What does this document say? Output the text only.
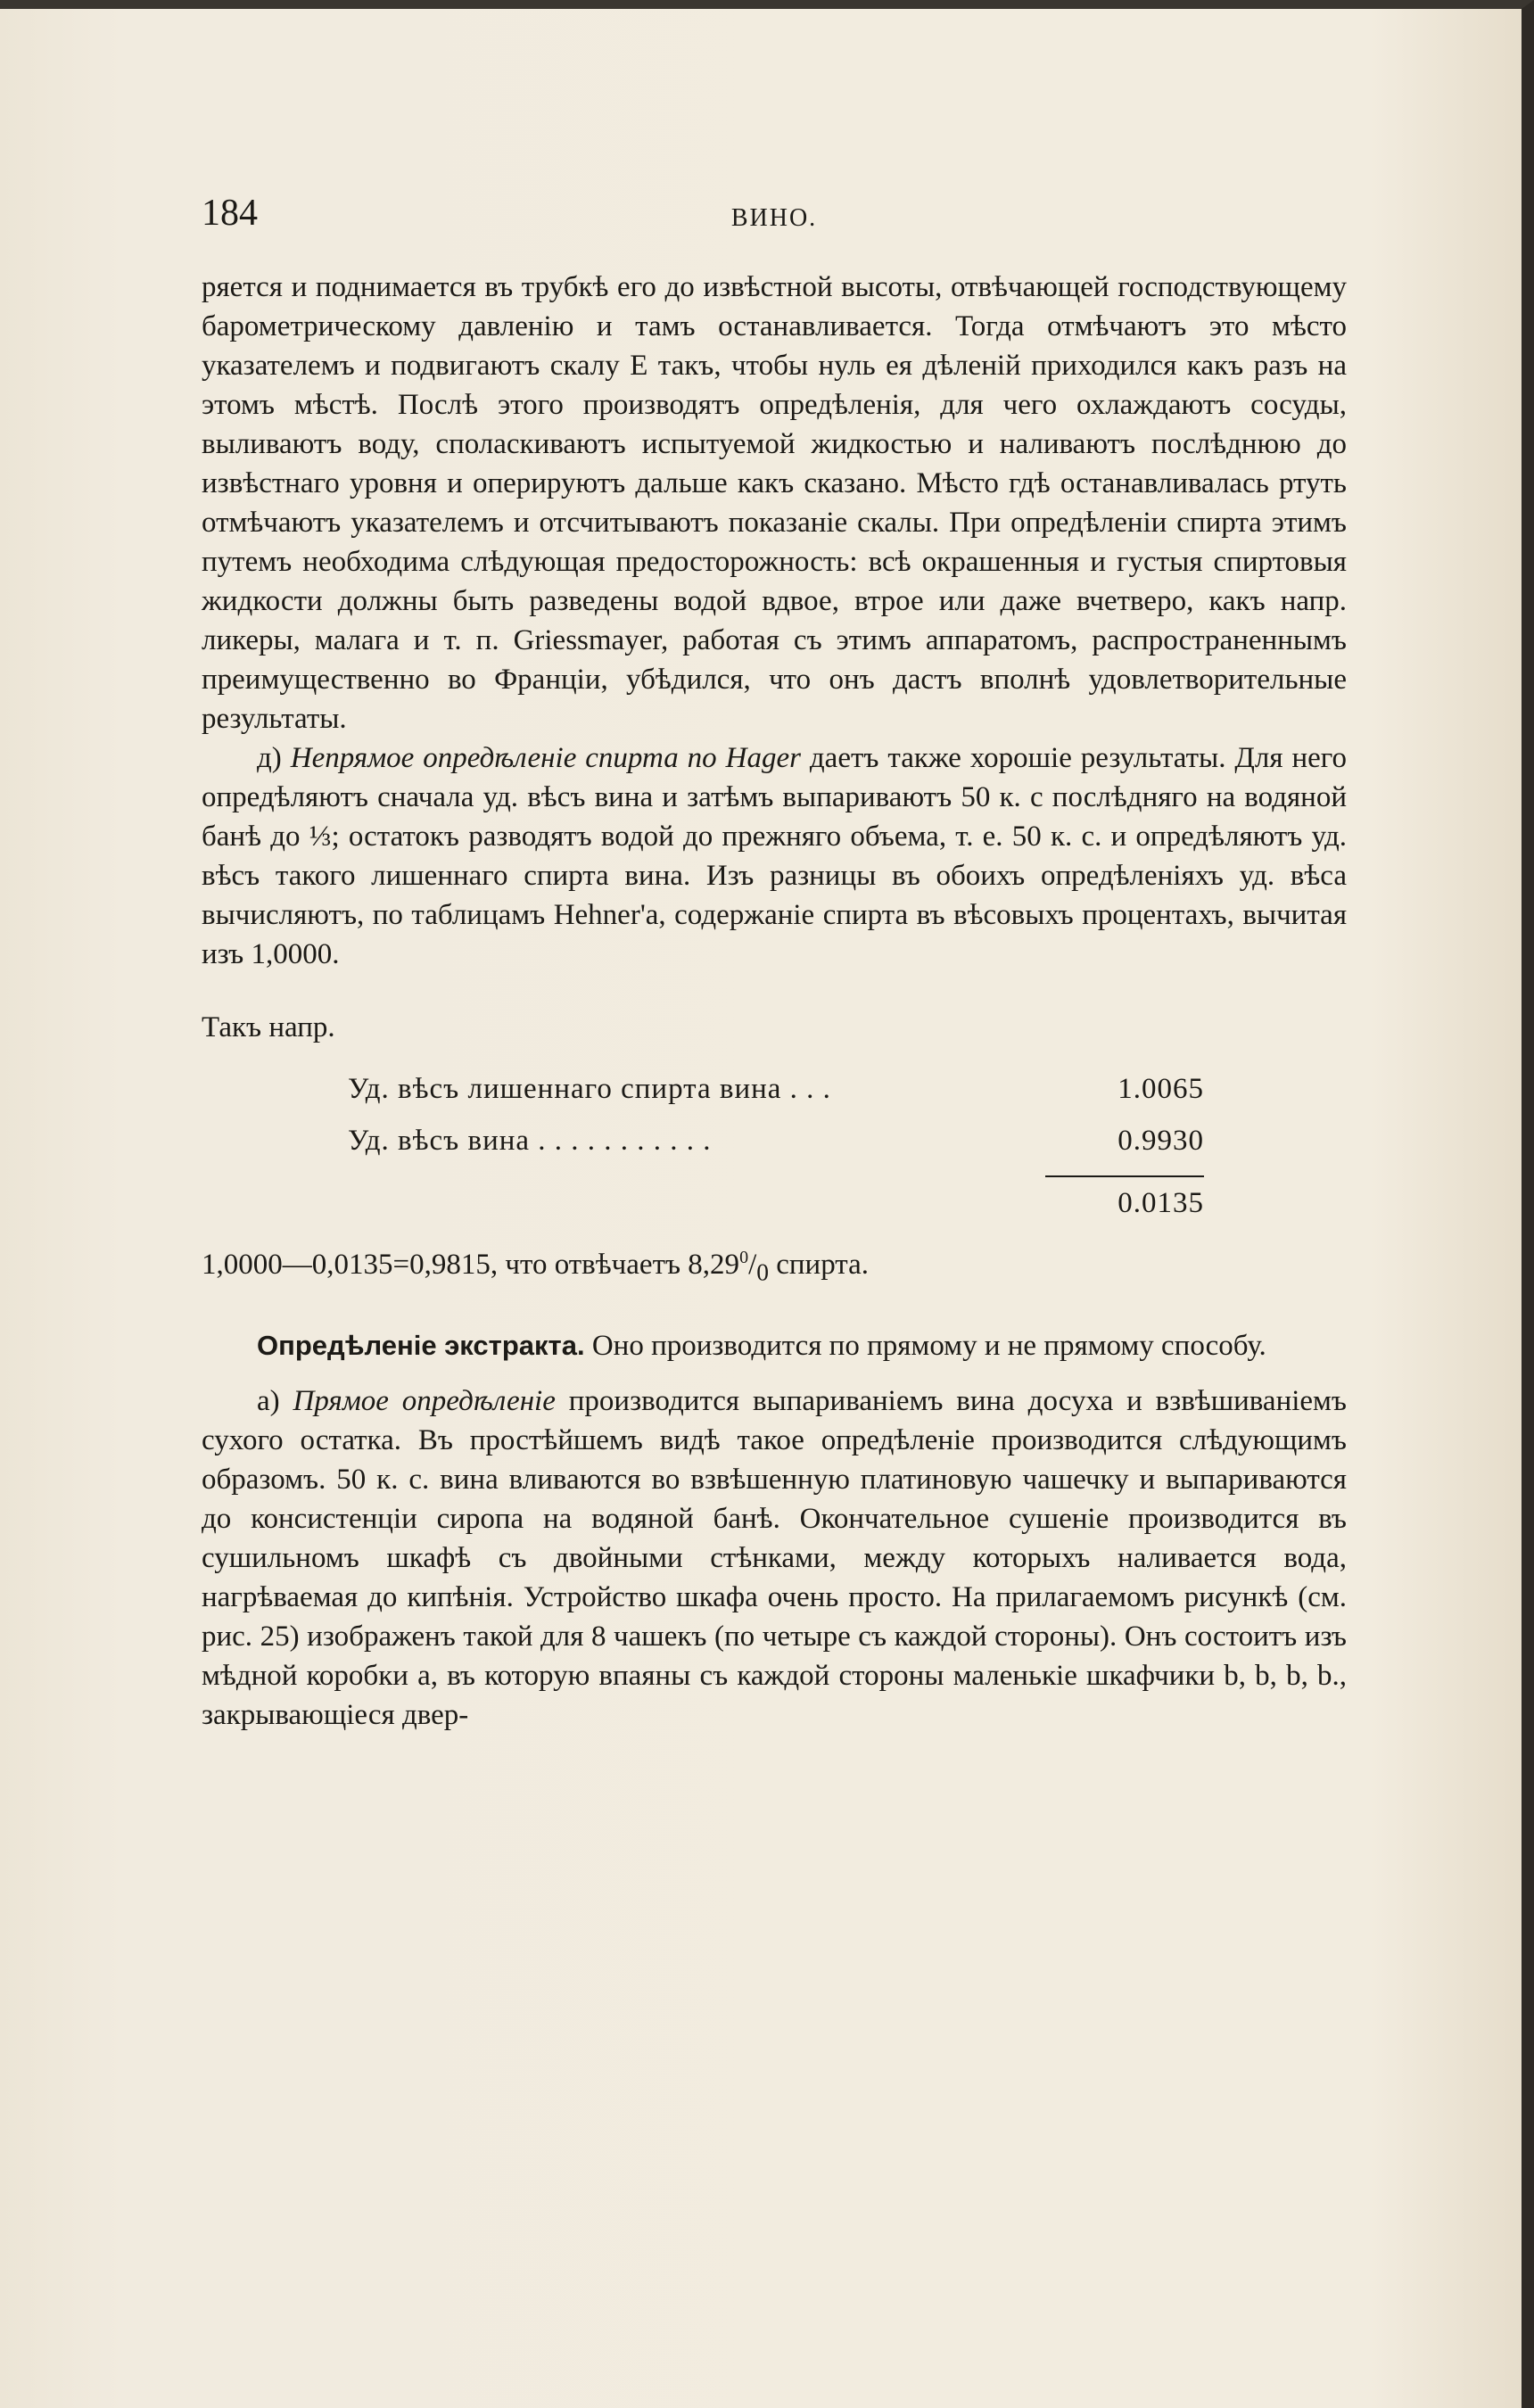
184	ВИНО.

ряется и поднимается въ трубкѣ его до извѣстной высоты, отвѣчающей господствующему барометрическому давленію и тамъ останавливается. Тогда отмѣчаютъ это мѣсто указателемъ и подвигаютъ скалу Е такъ, чтобы нуль ея дѣленій приходился какъ разъ на этомъ мѣстѣ. Послѣ этого производятъ опредѣленія, для чего охлаждаютъ сосуды, выливаютъ воду, споласкиваютъ испытуемой жидкостью и наливаютъ послѣднюю до извѣстнаго уровня и оперируютъ дальше какъ сказано. Мѣсто гдѣ останавливалась ртуть отмѣчаютъ указателемъ и отсчитываютъ показаніе скалы. При опредѣленіи спирта этимъ путемъ необходима слѣдующая предосторожность: всѣ окрашенныя и густыя спиртовыя жидкости должны быть разведены водой вдвое, втрое или даже вчетверо, какъ напр. ликеры, малага и т. п. Griessmayer, работая съ этимъ аппаратомъ, распространеннымъ преимущественно во Франціи, убѣдился, что онъ дастъ вполнѣ удовлетворительные результаты.

д) Непрямое опредѣленіе спирта по Hager даетъ также хорошіе результаты. Для него опредѣляютъ сначала уд. вѣсъ вина и затѣмъ выпариваютъ 50 к. с послѣдняго на водяной банѣ до ⅓; остатокъ разводятъ водой до прежняго объема, т. е. 50 к. с. и опредѣляютъ уд. вѣсъ такого лишеннаго спирта вина. Изъ разницы въ обоихъ опредѣленіяхъ уд. вѣса вычисляютъ, по таблицамъ Hehner'а, содержаніе спирта въ вѣсовыхъ процентахъ, вычитая изъ 1,0000.

Такъ напр.

Уд. вѣсъ лишеннаго спирта вина . . .	1.0065
Уд. вѣсъ вина . . . . . . . . . . .	0.9930
0.0135

1,0000—0,0135=0,9815, что отвѣчаетъ $8,29^0/_0$ спирта.

Опредѣленіе экстракта. Оно производится по прямому и не прямому способу.

а) Прямое опредѣленіе производится выпариваніемъ вина досуха и взвѣшиваніемъ сухого остатка. Въ простѣйшемъ видѣ такое опредѣленіе производится слѣдующимъ образомъ. 50 к. с. вина вливаются во взвѣшенную платиновую чашечку и выпариваются до консистенціи сиропа на водяной банѣ. Окончательное сушеніе производится въ сушильномъ шкафѣ съ двойными стѣнками, между которыхъ наливается вода, нагрѣваемая до кипѣнія. Устройство шкафа очень просто. На прилагаемомъ рисункѣ (см. рис. 25) изображенъ такой для 8 чашекъ (по четыре съ каждой стороны). Онъ состоитъ изъ мѣдной коробки а, въ которую впаяны съ каждой стороны маленькіе шкафчики b, b, b, b., закрывающіеся двер-
